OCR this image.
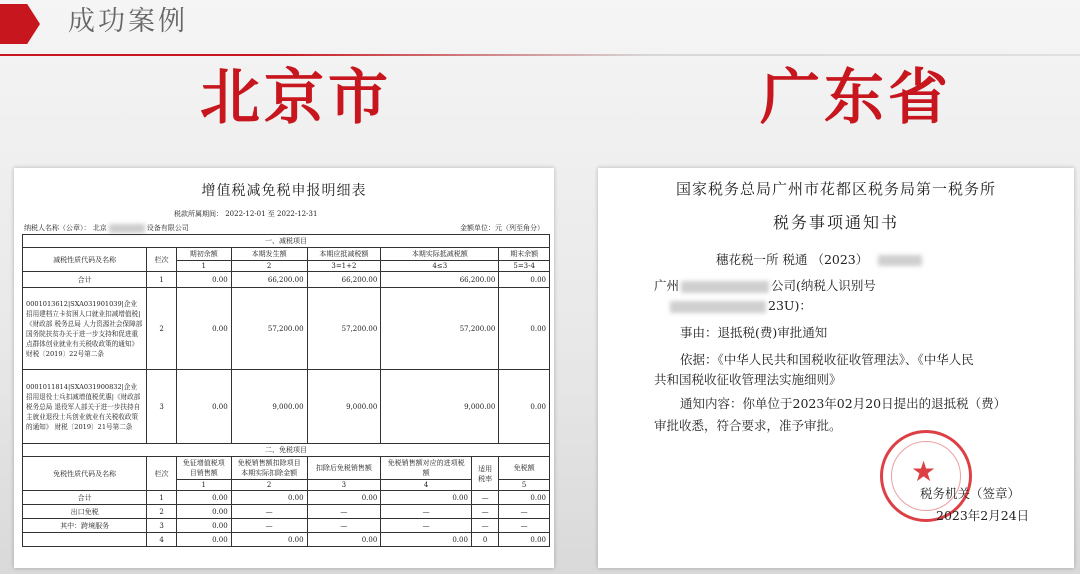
成功案例
北京市	广东省
增值税减免税申报明细表
税款所属期间： 2022-12-01 至 2022-12-31
纳税人名称（公章）： 北京	设备有限公司	金额单位：元（列至角分）
一、减税项目							
减税性质代码及名称	栏次	期初余额	本期发生额	本期应抵减税额	本期实际抵减税额		期末余额
		1	2	3=1+2	4≤3		5=3-4
合计	1	0.00	66,200.00	66,200.00	66,200.00		0.00
0001013612|SXA031901039|企业招用建档立卡贫困人口就业扣减增值税|《财政部 税务总局 人力资源社会保障部 国务院扶贫办关于进一步支持和促进重点群体创业就业有关税收政策的通知》 财税〔2019〕22号第二条	2	0.00	57,200.00	57,200.00	57,200.00		0.00
0001011814|SXA031900832|企业招用退役士兵扣减增值税优惠|《财政部 税务总局 退役军人部关于进一步扶持自主就业退役士兵创业就业有关税收政策的通知》 财税〔2019〕21号第二条	3	0.00	9,000.00	9,000.00	9,000.00		0.00
二、免税项目							
免税性质代码及名称	栏次	免征增值税项目销售额	免税销售额扣除项目本期实际扣除金额	扣除后免税销售额	免税销售额对应的进项税额	适用税率	免税额
		1	2	3	4		5
合计	1	0.00	0.00	0.00	0.00	—	0.00
出口免税	2	0.00	—	—	—	—	—
其中：跨境服务	3	0.00	—	—	—	—	—
	4	0.00	0.00	0.00	0.00	0	0.00
国家税务总局广州市花都区税务局第一税务所
税务事项通知书
穗花税一所 税通 （2023）
广州	公司(纳税人识别号
23U)：
事由：退抵税(费)审批通知
依据：《中华人民共和国税收征收管理法》、《中华人民
共和国税收征收管理法实施细则》
通知内容：你单位于2023年02月20日提出的退抵税（费）
审批收悉，符合要求，准予审批。
★
税务机关（签章）
2023年2月24日
